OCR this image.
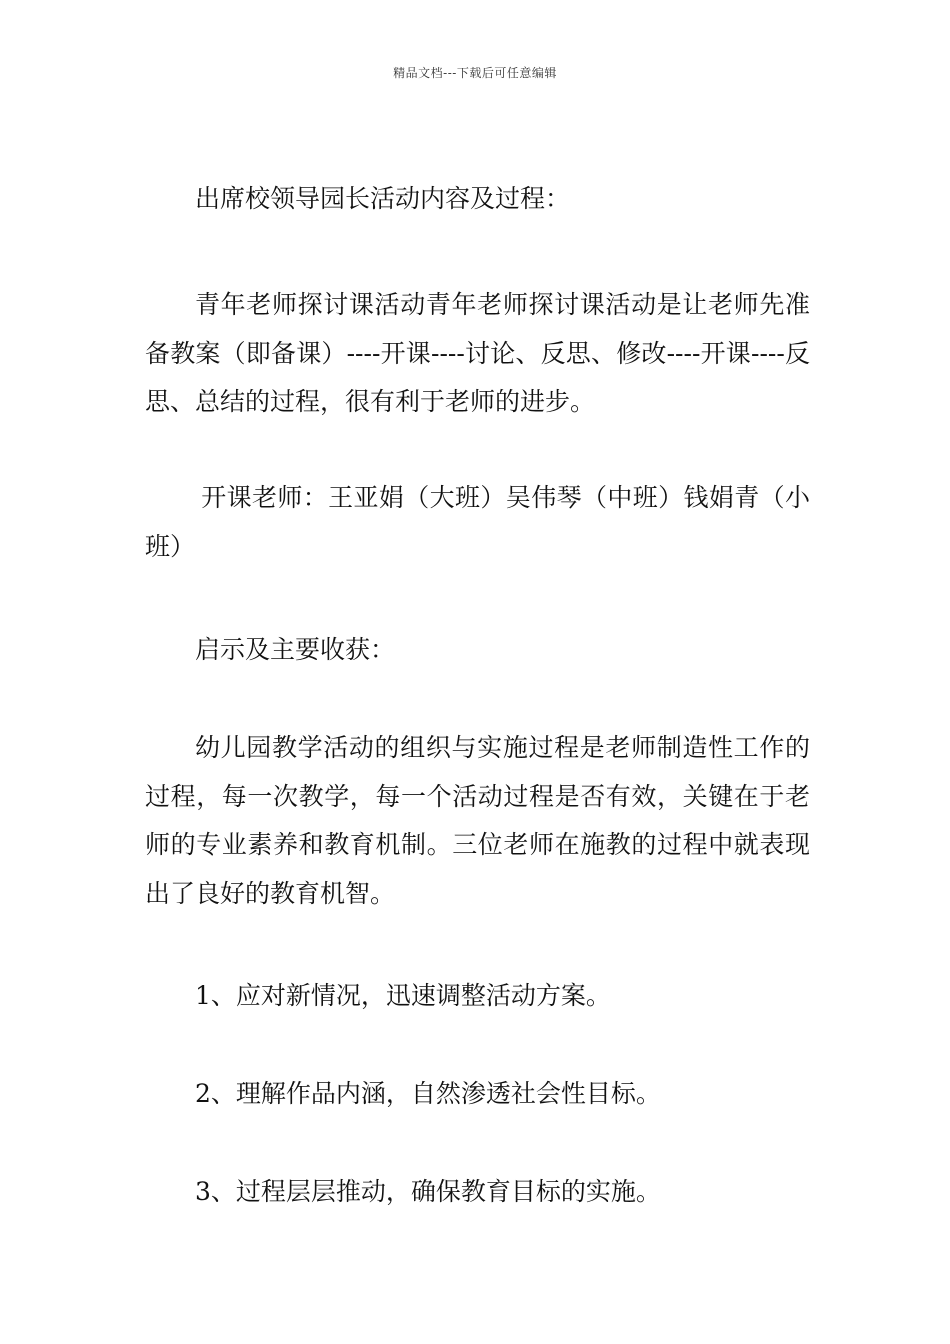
精品文档---下载后可任意编辑

出席校领导园长活动内容及过程：

青年老师探讨课活动青年老师探讨课活动是让老师先准备教案（即备课）----开课----讨论、反思、修改----开课----反思、总结的过程，很有利于老师的进步。

开课老师：王亚娟（大班）吴伟琴（中班）钱娟青（小班）

启示及主要收获：

幼儿园教学活动的组织与实施过程是老师制造性工作的过程，每一次教学，每一个活动过程是否有效，关键在于老师的专业素养和教育机制。三位老师在施教的过程中就表现出了良好的教育机智。

1、应对新情况，迅速调整活动方案。

2、理解作品内涵，自然渗透社会性目标。

3、过程层层推动，确保教育目标的实施。
